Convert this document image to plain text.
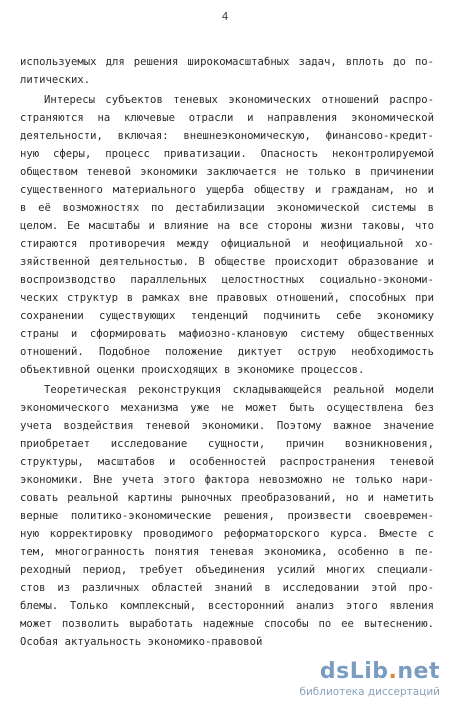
4
используемых для решения широкомасштабных задач, вплоть до по-
литических.
Интересы субъектов теневых экономических отношений распро-
страняются на ключевые отрасли и направления экономической
деятельности, включая: внешнеэкономическую, финансово-кредит-
ную сферы, процесс приватизации. Опасность неконтролируемой
обществом теневой экономики заключается не только в причинении
существенного материального ущерба обществу и гражданам, но и
в её возможностях по дестабилизации экономической системы в
целом. Ее масштабы и влияние на все стороны жизни таковы, что
стираются противоречия между официальной и неофициальной хо-
зяйственной деятельностью. В обществе происходит образование и
воспроизводство параллельных целостностных социально-экономи-
ческих структур в рамках вне правовых отношений, способных при
сохранении существующих тенденций подчинить себе экономику
страны и сформировать мафиозно-клановую систему общественных
отношений. Подобное положение диктует острую необходимость
объективной оценки происходящих в экономике процессов.
Теоретическая реконструкция складывающейся реальной модели
экономического механизма уже не может быть осуществлена без
учета воздействия теневой экономики. Поэтому важное значение
приобретает исследование сущности, причин возникновения,
структуры, масштабов и особенностей распространения теневой
экономики. Вне учета этого фактора невозможно не только нари-
совать реальной картины рыночных преобразований, но и наметить
верные политико-экономические решения, произвести своевремен-
ную корректировку проводимого реформаторского курса. Вместе с
тем, многогранность понятия теневая экономика, особенно в пе-
реходный период, требует объединения усилий многих специали-
стов из различных областей знаний в исследовании этой про-
блемы. Только комплексный, всесторонний анализ этого явления
может позволить выработать надежные способы по ее вытеснению.
Особая актуальность экономико-правовой
dsLib.net
библиотека диссертаций
